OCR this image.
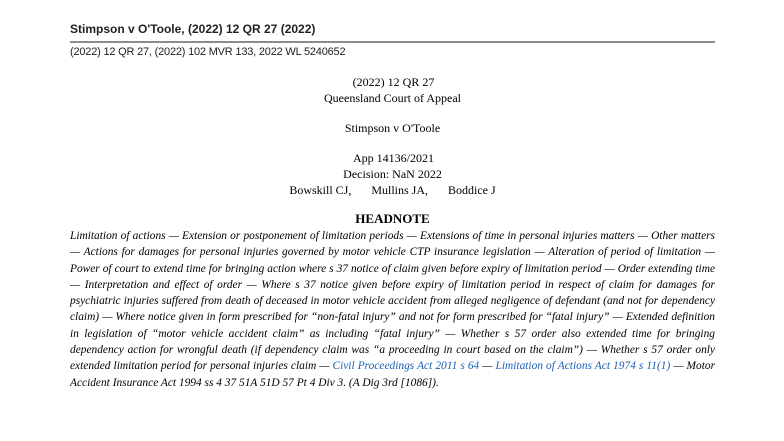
Stimpson v O'Toole, (2022) 12 QR 27 (2022)
(2022) 12 QR 27, (2022) 102 MVR 133, 2022 WL 5240652
(2022) 12 QR 27
Queensland Court of Appeal
Stimpson v O'Toole
App 14136/2021
Decision: NaN 2022
Bowskill CJ, Mullins JA, Boddice J
HEADNOTE
Limitation of actions — Extension or postponement of limitation periods — Extensions of time in personal injuries matters — Other matters — Actions for damages for personal injuries governed by motor vehicle CTP insurance legislation — Alteration of period of limitation — Power of court to extend time for bringing action where s 37 notice of claim given before expiry of limitation period — Order extending time — Interpretation and effect of order — Where s 37 notice given before expiry of limitation period in respect of claim for damages for psychiatric injuries suffered from death of deceased in motor vehicle accident from alleged negligence of defendant (and not for dependency claim) — Where notice given in form prescribed for “non-fatal injury” and not for form prescribed for “fatal injury” — Extended definition in legislation of “motor vehicle accident claim” as including “fatal injury” — Whether s 57 order also extended time for bringing dependency action for wrongful death (if dependency claim was “a proceeding in court based on the claim”) — Whether s 57 order only extended limitation period for personal injuries claim — Civil Proceedings Act 2011 s 64 — Limitation of Actions Act 1974 s 11(1) — Motor Accident Insurance Act 1994 ss 4 37 51A 51D 57 Pt 4 Div 3. (A Dig 3rd [1086]).
